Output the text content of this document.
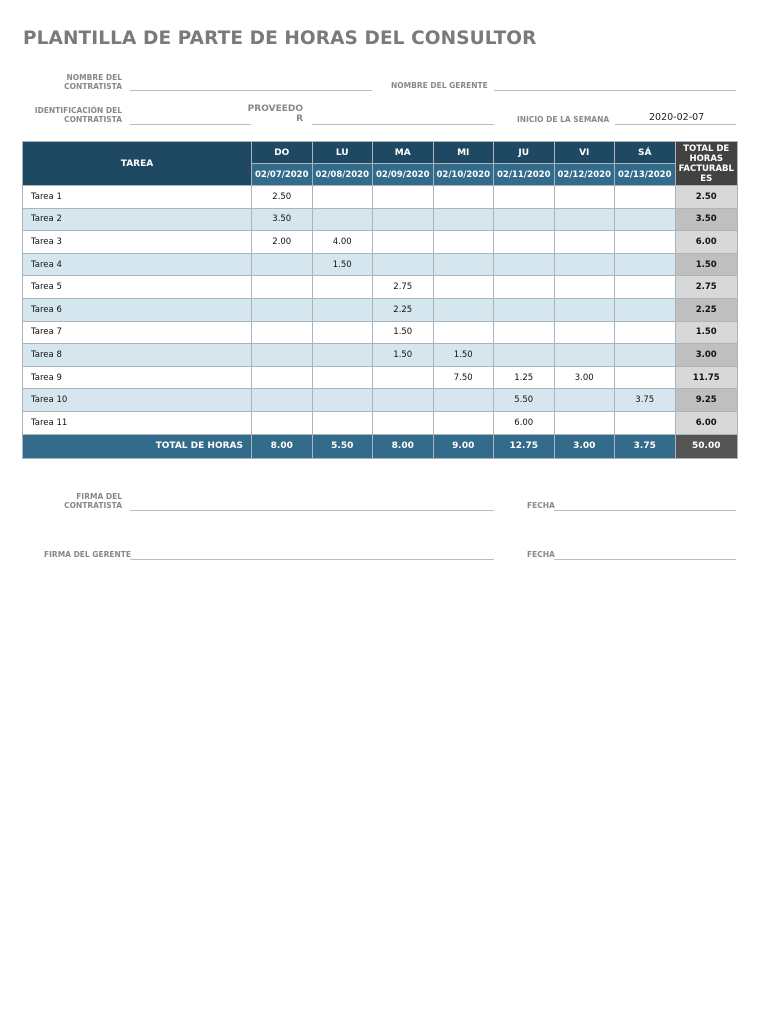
PLANTILLA DE PARTE DE HORAS DEL CONSULTOR
NOMBRE DEL
CONTRATISTA	NOMBRE DEL GERENTE
IDENTIFICACIÓN DEL
CONTRATISTA
PROVEEDO
R	INICIO DE LA SEMANA	2020-02-07
TAREA	DO	LU	MA	MI	JU	VI	SÁ	TOTAL DE
HORAS
FACTURABL
ES

	02/07/2020	02/08/2020	02/09/2020	02/10/2020	02/11/2020	02/12/2020	02/13/2020	
Tarea 1	2.50							2.50
Tarea 2	3.50							3.50
Tarea 3	2.00	4.00						6.00
Tarea 4		1.50						1.50
Tarea 5			2.75					2.75
Tarea 6			2.25					2.25
Tarea 7			1.50					1.50
Tarea 8			1.50	1.50				3.00
Tarea 9				7.50	1.25	3.00		11.75
Tarea 10					5.50		3.75	9.25
Tarea 11					6.00			6.00
TOTAL DE HORAS	8.00	5.50	8.00	9.00	12.75	3.00	3.75	50.00
FIRMA DEL
CONTRATISTA	FECHA
FIRMA DEL GERENTE	FECHA
